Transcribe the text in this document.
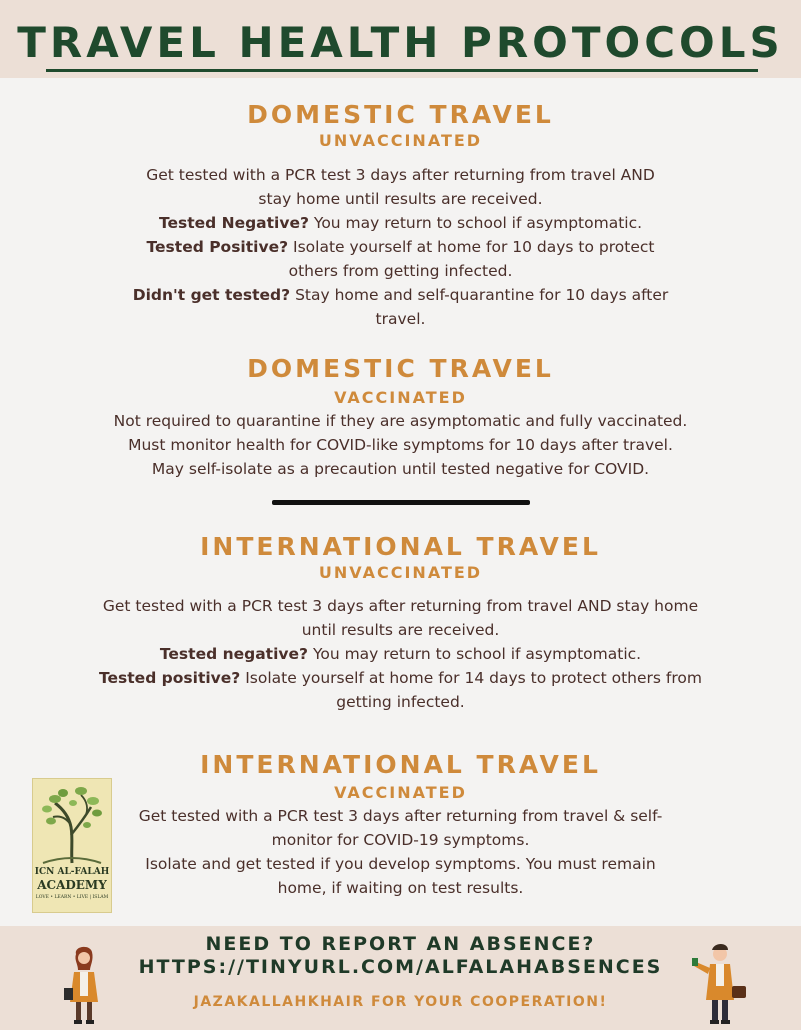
TRAVEL HEALTH PROTOCOLS
DOMESTIC TRAVEL
UNVACCINATED

Get tested with a PCR test 3 days after returning from travel AND

stay home until results are received.

Tested Negative? You may return to school if asymptomatic.

Tested Positive? Isolate yourself at home for 10 days to protect

others from getting infected.

Didn't get tested? Stay home and self-quarantine for 10 days after

travel.

DOMESTIC TRAVEL
VACCINATED

Not required to quarantine if they are asymptomatic and fully vaccinated.

Must monitor health for COVID-like symptoms for 10 days after travel.

May self-isolate as a precaution until tested negative for COVID.

INTERNATIONAL TRAVEL
UNVACCINATED

Get tested with a PCR test 3 days after returning from travel AND stay home

until results are received.

Tested negative? You may return to school if asymptomatic.

Tested positive? Isolate yourself at home for 14 days to protect others from

getting infected.

INTERNATIONAL TRAVEL
VACCINATED

Get tested with a PCR test 3 days after returning from travel & self-

monitor for COVID-19 symptoms.

Isolate and get tested if you develop symptoms. You must remain

home, if waiting on test results.

ICN AL-FALAH
ACADEMY
LOVE • LEARN • LIVE | ISLAM
NEED TO REPORT AN ABSENCE?
HTTPS://TINYURL.COM/ALFALAHABSENCES
JAZAKALLAHKHAIR FOR YOUR COOPERATION!
